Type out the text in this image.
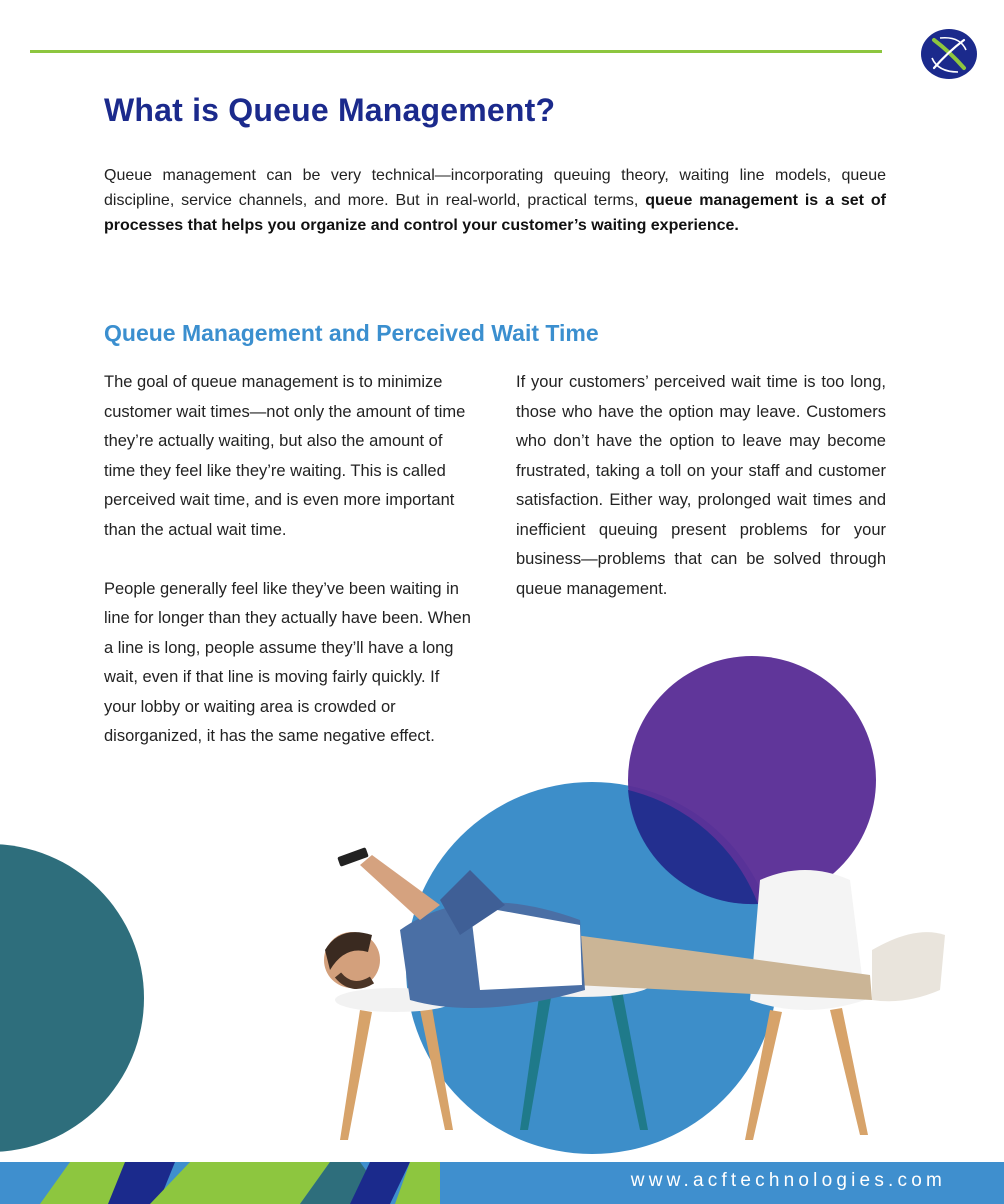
What is Queue Management?

Queue management can be very technical—incorporating queuing theory, waiting line models, queue discipline, service channels, and more. But in real-world, practical terms, queue management is a set of processes that helps you organize and control your customer’s waiting experience.

Queue Management and Perceived Wait Time

The goal of queue management is to minimize customer wait times—not only the amount of time they’re actually waiting, but also the amount of time they feel like they’re waiting. This is called perceived wait time, and is even more important than the actual wait time.

People generally feel like they’ve been waiting in line for longer than they actually have been. When a line is long, people assume they’ll have a long wait, even if that line is moving fairly quickly. If your lobby or waiting area is crowded or disorganized, it has the same negative effect.

If your customers’ perceived wait time is too long, those who have the option may leave. Customers who don’t have the option to leave may become frustrated, taking a toll on your staff and customer satisfaction. Either way, prolonged wait times and inefficient queuing present problems for your business—problems that can be solved through queue management.

www.acftechnologies.com
